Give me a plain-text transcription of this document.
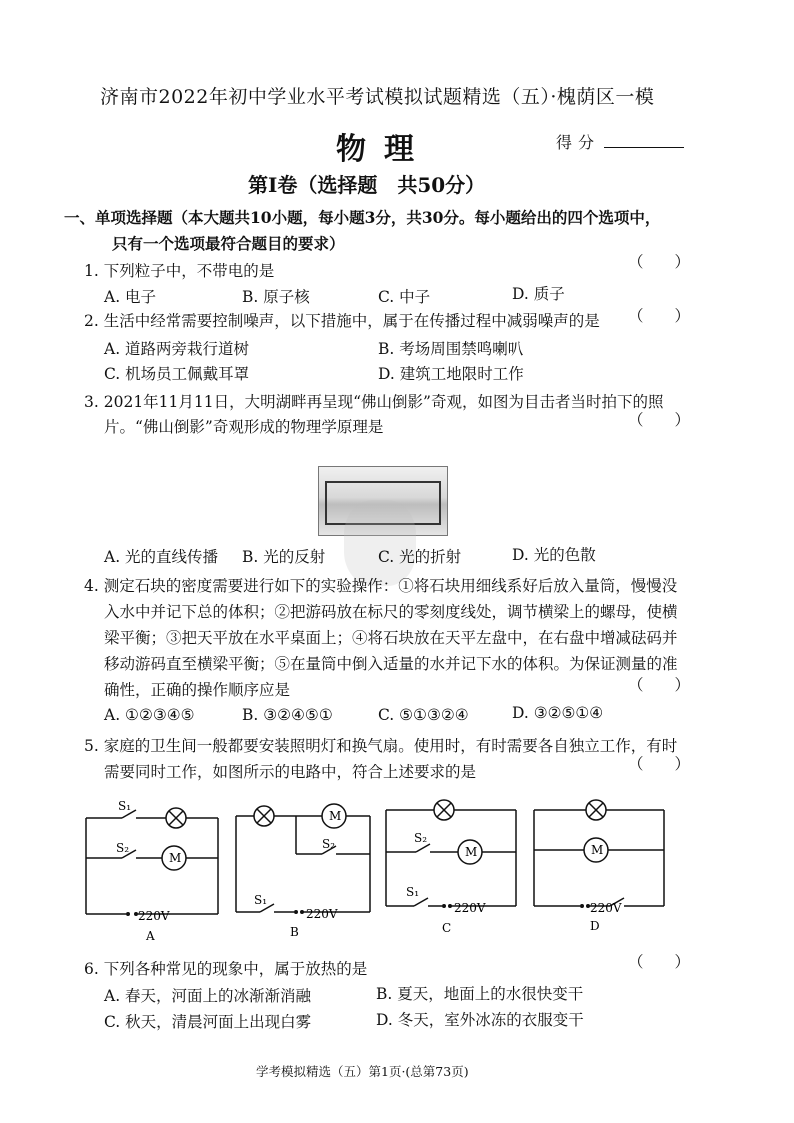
济南市2022年初中学业水平考试模拟试题精选（五）·槐荫区一模
物理	得分
第Ⅰ卷（选择题　共50分）
一、单项选择题（本大题共10小题，每小题3分，共30分。每小题给出的四个选项中，
只有一个选项最符合题目的要求）
1. 下列粒子中，不带电的是	（　　）
A. 电子	B. 原子核	C. 中子	D. 质子
2. 生活中经常需要控制噪声，以下措施中，属于在传播过程中减弱噪声的是 （　　）
A. 道路两旁栽行道树	B. 考场周围禁鸣喇叭
C. 机场员工佩戴耳罩	D. 建筑工地限时工作
3. 2021年11月11日，大明湖畔再呈现“佛山倒影”奇观，如图为目击者当时拍下的照
片。“佛山倒影”奇观形成的物理学原理是	（　　）
A. 光的直线传播 B. 光的反射	C. 光的折射	D. 光的色散
4. 测定石块的密度需要进行如下的实验操作：①将石块用细线系好后放入量筒，慢慢没
入水中并记下总的体积；②把游码放在标尺的零刻度线处，调节横梁上的螺母，使横
梁平衡；③把天平放在水平桌面上；④将石块放在天平左盘中，在右盘中增减砝码并
移动游码直至横梁平衡；⑤在量筒中倒入适量的水并记下水的体积。为保证测量的准
确性，正确的操作顺序应是	（　　）
A. ①②③④⑤	B. ③②④⑤①	C. ⑤①③②④	D. ③②⑤①④
5. 家庭的卫生间一般都要安装照明灯和换气扇。使用时，有时需要各自独立工作，有时
需要同时工作，如图所示的电路中，符合上述要求的是	（　　）
S₁
S₂
M
220V
A
M
S₂
S₁
220V
B
S₂
M
S₁
220V
C
M
220V
D
6. 下列各种常见的现象中，属于放热的是	（　　）
A. 春天，河面上的冰渐渐消融	B. 夏天，地面上的水很快变干
C. 秋天，清晨河面上出现白雾	D. 冬天，室外冰冻的衣服变干
学考模拟精选（五）第1页·(总第73页)
